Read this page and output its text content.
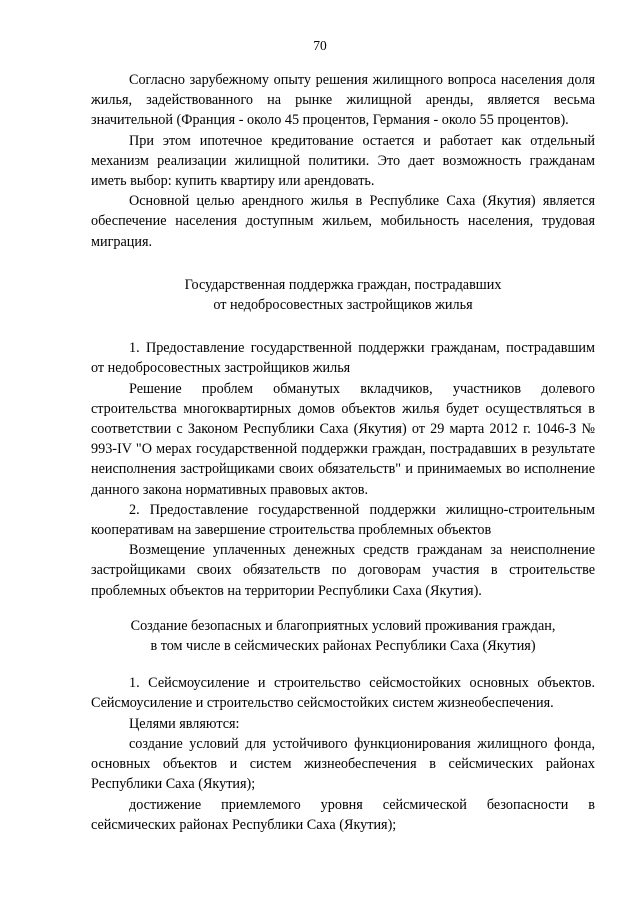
70

Согласно зарубежному опыту решения жилищного вопроса населения доля жилья, задействованного на рынке жилищной аренды, является весьма значительной (Франция - около 45 процентов, Германия - около 55 процентов).

При этом ипотечное кредитование остается и работает как отдельный механизм реализации жилищной политики. Это дает возможность гражданам иметь выбор: купить квартиру или арендовать.

Основной целью арендного жилья в Республике Саха (Якутия) является обеспечение населения доступным жильем, мобильность населения, трудовая миграция.

Государственная поддержка граждан, пострадавших
от недобросовестных застройщиков жилья

1. Предоставление государственной поддержки гражданам, пострадавшим от недобросовестных застройщиков жилья

Решение проблем обманутых вкладчиков, участников долевого строительства многоквартирных домов объектов жилья будет осуществляться в соответствии с Законом Республики Саха (Якутия) от 29 марта 2012 г. 1046-З № 993-IV "О мерах государственной поддержки граждан, пострадавших в результате неисполнения застройщиками своих обязательств" и принимаемых во исполнение данного закона нормативных правовых актов.

2. Предоставление государственной поддержки жилищно-строительным кооперативам на завершение строительства проблемных объектов

Возмещение уплаченных денежных средств гражданам за неисполнение застройщиками своих обязательств по договорам участия в строительстве проблемных объектов на территории Республики Саха (Якутия).

Создание безопасных и благоприятных условий проживания граждан,
в том числе в сейсмических районах Республики Саха (Якутия)

1. Сейсмоусиление и строительство сейсмостойких основных объектов. Сейсмоусиление и строительство сейсмостойких систем жизнеобеспечения.

Целями являются:

создание условий для устойчивого функционирования жилищного фонда, основных объектов и систем жизнеобеспечения в сейсмических районах Республики Саха (Якутия);

достижение приемлемого уровня сейсмической безопасности в сейсмических районах Республики Саха (Якутия);
